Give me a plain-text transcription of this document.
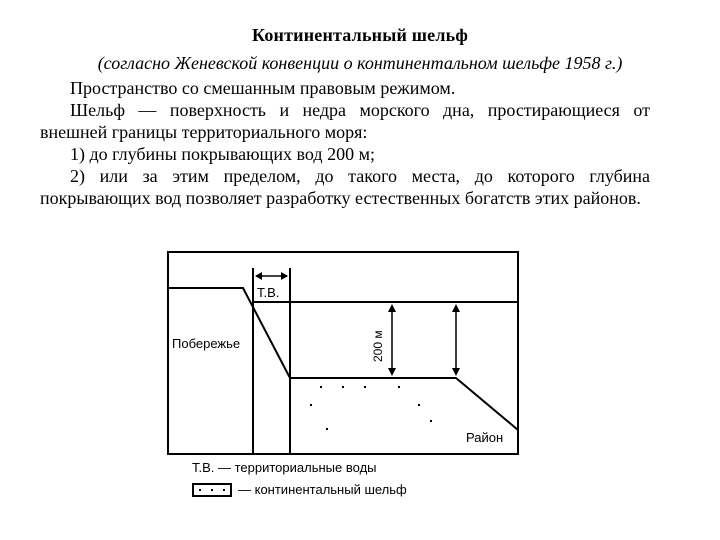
Континентальный шельф
(согласно Женевской конвенции о континентальном шельфе 1958 г.)

Пространство со смешанным правовым режимом.

Шельф — поверхность и недра морского дна, простирающиеся от внешней границы территориального моря:

1) до глубины покрывающих вод 200 м;

2) или за этим пределом, до такого места, до которого глубина покрывающих вод позволяет разработку естественных богатств этих районов.

Т.В.
200 м
Побережье
Район
Т.В. — территориальные воды
— континентальный шельф
